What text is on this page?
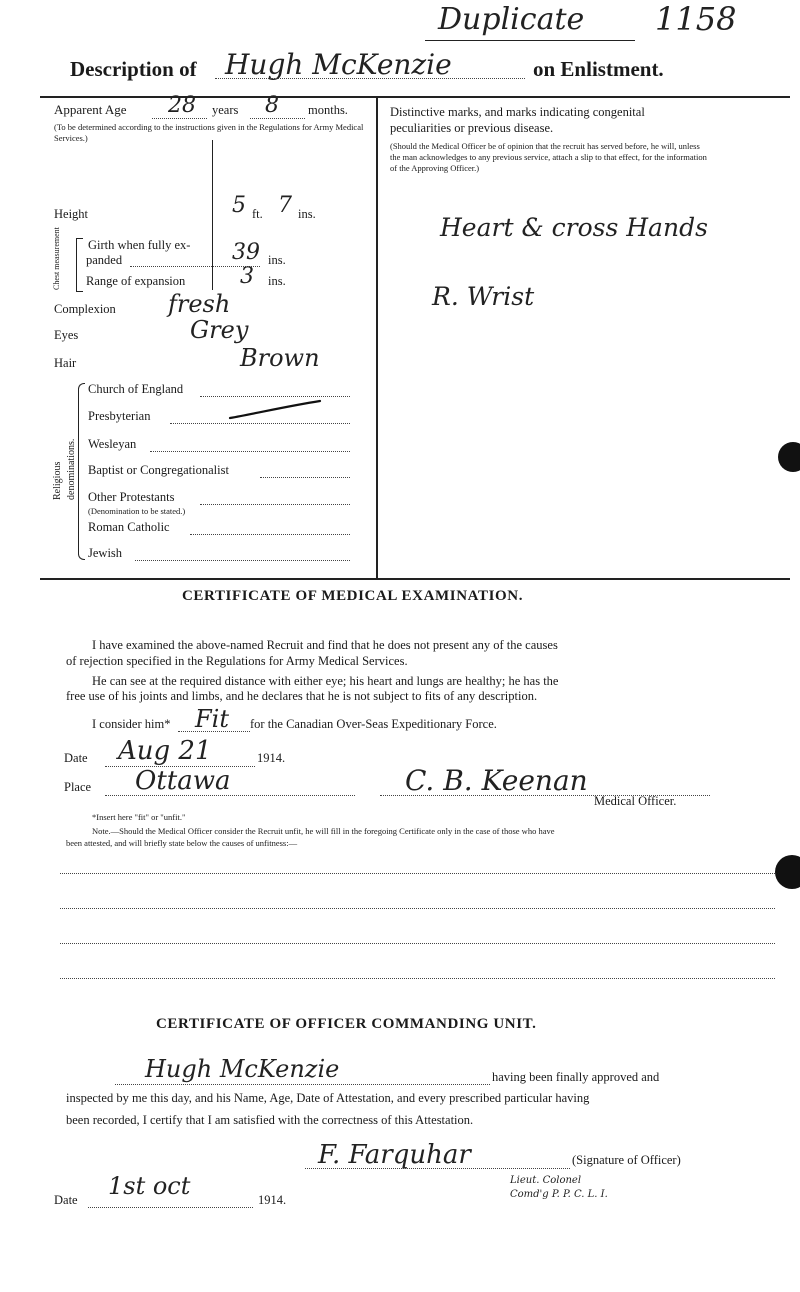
Duplicate 1158
Description of Hugh McKenzie	on Enlistment.
Apparent Age 28 years 8 months.
(To be determined according to the instructions given in the Regulations for Army Medical Services.)
Height	5 ft. 7 ins.
Chest measurement Girth when fully ex-
panded	39 ins.
Range of expansion 3 ins.
Complexion fresh
Eyes	Grey
Hair	Brown
Religious denominations.
Church of England
Presbyterian
Wesleyan
Baptist or Congregationalist
Other Protestants
(Denomination to be stated.)
Roman Catholic
Jewish
Distinctive marks, and marks indicating congenital
peculiarities or previous disease.
(Should the Medical Officer be of opinion that the recruit has served before, he will, unless the man acknowledges to any previous service, attach a slip to that effect, for the information of the Approving Officer.)
Heart & cross Hands
R. Wrist
CERTIFICATE OF MEDICAL EXAMINATION.
I have examined the above-named Recruit and find that he does not present any of the causes
of rejection specified in the Regulations for Army Medical Services.
He can see at the required distance with either eye; his heart and lungs are healthy; he has the
free use of his joints and limbs, and he declares that he is not subject to fits of any description.
I consider him* Fit for the Canadian Over-Seas Expeditionary Force.
Date Aug 21	1914.
Place Ottawa	C. B. Keenan
Medical Officer.
*Insert here "fit" or "unfit."
Note.—Should the Medical Officer consider the Recruit unfit, he will fill in the foregoing Certificate only in the case of those who have
been attested, and will briefly state below the causes of unfitness:—
CERTIFICATE OF OFFICER COMMANDING UNIT.
Hugh McKenzie	having been finally approved and
inspected by me this day, and his Name, Age, Date of Attestation, and every prescribed particular having
been recorded, I certify that I am satisfied with the correctness of this Attestation.
F. Farquhar	(Signature of Officer)
Lieut. Colonel
Comd'g P. P. C. L. I.
Date 1st oct	1914.
